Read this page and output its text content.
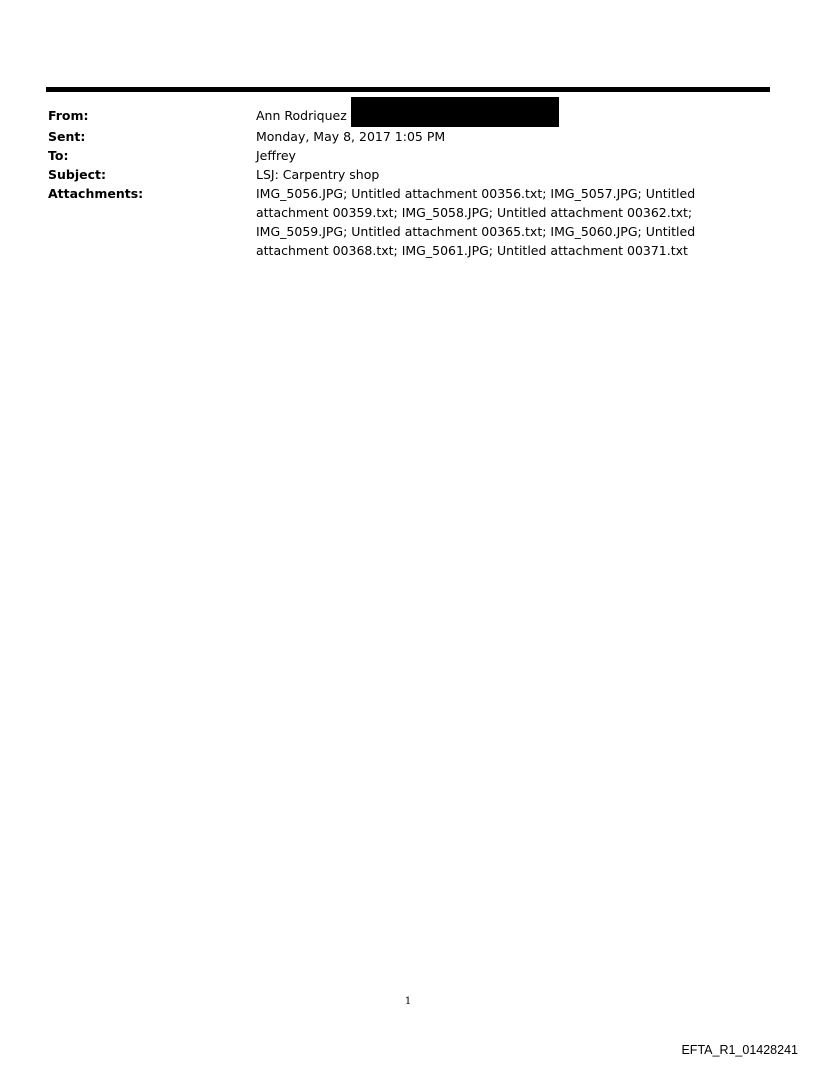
From:	Ann Rodriquez
Sent:	Monday, May 8, 2017 1:05 PM
To:	Jeffrey
Subject:	LSJ: Carpentry shop
Attachments:	IMG_5056.JPG; Untitled attachment 00356.txt; IMG_5057.JPG; Untitled attachment 00359.txt; IMG_5058.JPG; Untitled attachment 00362.txt; IMG_5059.JPG; Untitled attachment 00365.txt; IMG_5060.JPG; Untitled attachment 00368.txt; IMG_5061.JPG; Untitled attachment 00371.txt
1
EFTA_R1_01428241
